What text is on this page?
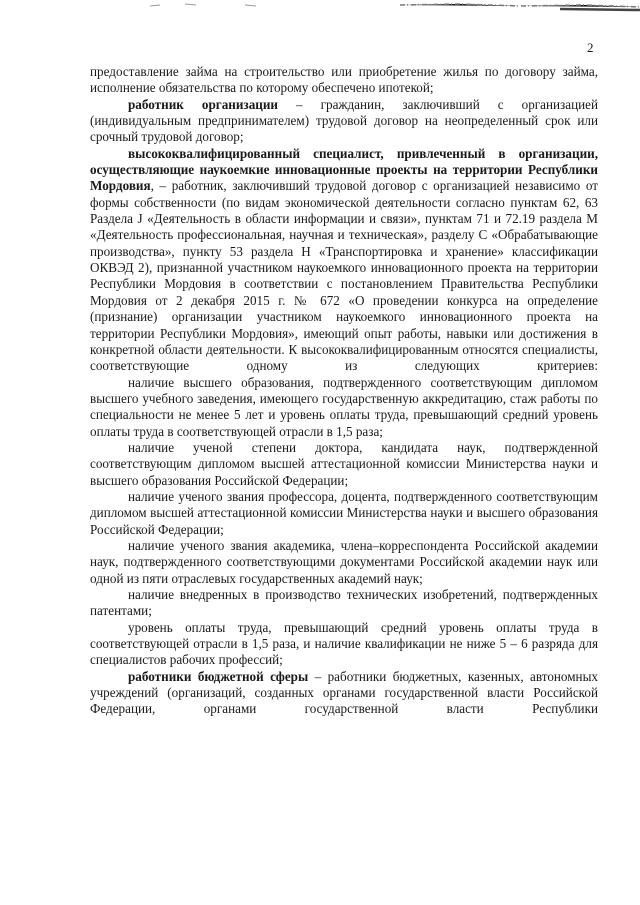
2

предоставление займа на строительство или приобретение жилья по договору займа, исполнение обязательства по которому обеспечено ипотекой;

работник организации – гражданин, заключивший с организацией (индивидуальным предпринимателем) трудовой договор на неопределенный срок или срочный трудовой договор;

высококвалифицированный специалист, привлеченный в организации, осуществляющие наукоемкие инновационные проекты на территории Республики Мордовия, – работник, заключивший трудовой договор с организацией независимо от формы собственности (по видам экономической деятельности согласно пунктам 62, 63 Раздела J «Деятельность в области информации и связи», пунктам 71 и 72.19 раздела М «Деятельность профессиональная, научная и техническая», разделу С «Обрабатывающие производства», пункту 53 раздела Н «Транспортировка и хранение» классификации ОКВЭД 2), признанной участником наукоемкого инновационного проекта на территории Республики Мордовия в соответствии с постановлением Правительства Республики Мордовия от 2 декабря 2015 г. № 672 «О проведении конкурса на определение (признание) организации участником наукоемкого инновационного проекта на территории Республики Мордовия», имеющий опыт работы, навыки или достижения в конкретной области деятельности. К высококвалифицированным относятся специалисты, соответствующие одному из следующих критериев:

наличие высшего образования, подтвержденного соответствующим дипломом высшего учебного заведения, имеющего государственную аккредитацию, стаж работы по специальности не менее 5 лет и уровень оплаты труда, превышающий средний уровень оплаты труда в соответствующей отрасли в 1,5 раза;

наличие ученой степени доктора, кандидата наук, подтвержденной соответствующим дипломом высшей аттестационной комиссии Министерства науки и высшего образования Российской Федерации;

наличие ученого звания профессора, доцента, подтвержденного соответствующим дипломом высшей аттестационной комиссии Министерства науки и высшего образования Российской Федерации;

наличие ученого звания академика, члена–корреспондента Российской академии наук, подтвержденного соответствующими документами Российской академии наук или одной из пяти отраслевых государственных академий наук;

наличие внедренных в производство технических изобретений, подтвержденных патентами;

уровень оплаты труда, превышающий средний уровень оплаты труда в соответствующей отрасли в 1,5 раза, и наличие квалификации не ниже 5 – 6 разряда для специалистов рабочих профессий;

работники бюджетной сферы – работники бюджетных, казенных, автономных учреждений (организаций, созданных органами государственной власти Российской Федерации, органами государственной власти Республики
